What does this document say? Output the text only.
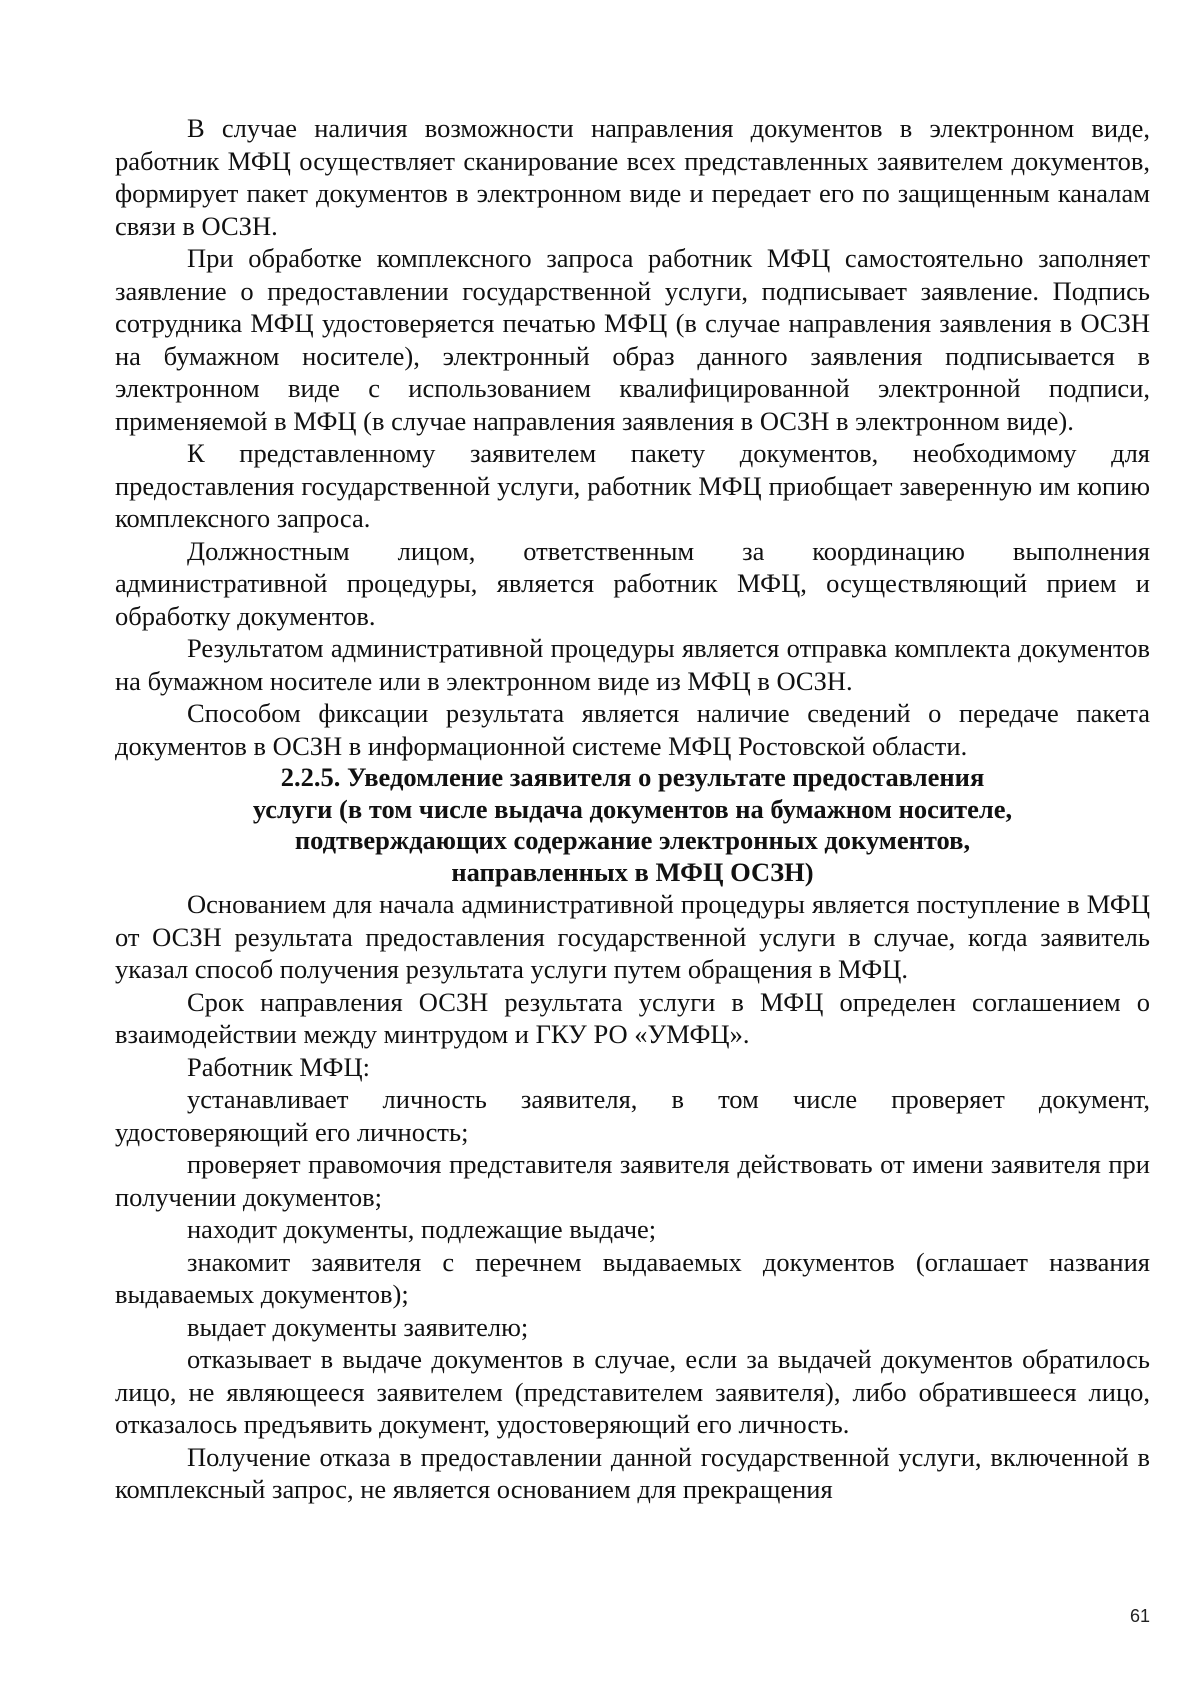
В случае наличия возможности направления документов в электронном виде, работник МФЦ осуществляет сканирование всех представленных заявителем документов, формирует пакет документов в электронном виде и передает его по защищенным каналам связи в ОСЗН.

При обработке комплексного запроса работник МФЦ самостоятельно заполняет заявление о предоставлении государственной услуги, подписывает заявление. Подпись сотрудника МФЦ удостоверяется печатью МФЦ (в случае направления заявления в ОСЗН на бумажном носителе), электронный образ данного заявления подписывается в электронном виде с использованием квалифицированной электронной подписи, применяемой в МФЦ (в случае направления заявления в ОСЗН в электронном виде).

К представленному заявителем пакету документов, необходимому для предоставления государственной услуги, работник МФЦ приобщает заверенную им копию комплексного запроса.

Должностным лицом, ответственным за координацию выполнения административной процедуры, является работник МФЦ, осуществляющий прием и обработку документов.

Результатом административной процедуры является отправка комплекта документов на бумажном носителе или в электронном виде из МФЦ в ОСЗН.

Способом фиксации результата является наличие сведений о передаче пакета документов в ОСЗН в информационной системе МФЦ Ростовской области.

2.2.5. Уведомление заявителя о результате предоставления
услуги (в том числе выдача документов на бумажном носителе,
подтверждающих содержание электронных документов,
направленных в МФЦ ОСЗН)

Основанием для начала административной процедуры является поступление в МФЦ от ОСЗН результата предоставления государственной услуги в случае, когда заявитель указал способ получения результата услуги путем обращения в МФЦ.

Срок направления ОСЗН результата услуги в МФЦ определен соглашением о взаимодействии между минтрудом и ГКУ РО «УМФЦ».

Работник МФЦ:

устанавливает личность заявителя, в том числе проверяет документ, удостоверяющий его личность;

проверяет правомочия представителя заявителя действовать от имени заявителя при получении документов;

находит документы, подлежащие выдаче;

знакомит заявителя с перечнем выдаваемых документов (оглашает названия выдаваемых документов);

выдает документы заявителю;

отказывает в выдаче документов в случае, если за выдачей документов обратилось лицо, не являющееся заявителем (представителем заявителя), либо обратившееся лицо, отказалось предъявить документ, удостоверяющий его личность.

Получение отказа в предоставлении данной государственной услуги, включенной в комплексный запрос, не является основанием для прекращения

61
